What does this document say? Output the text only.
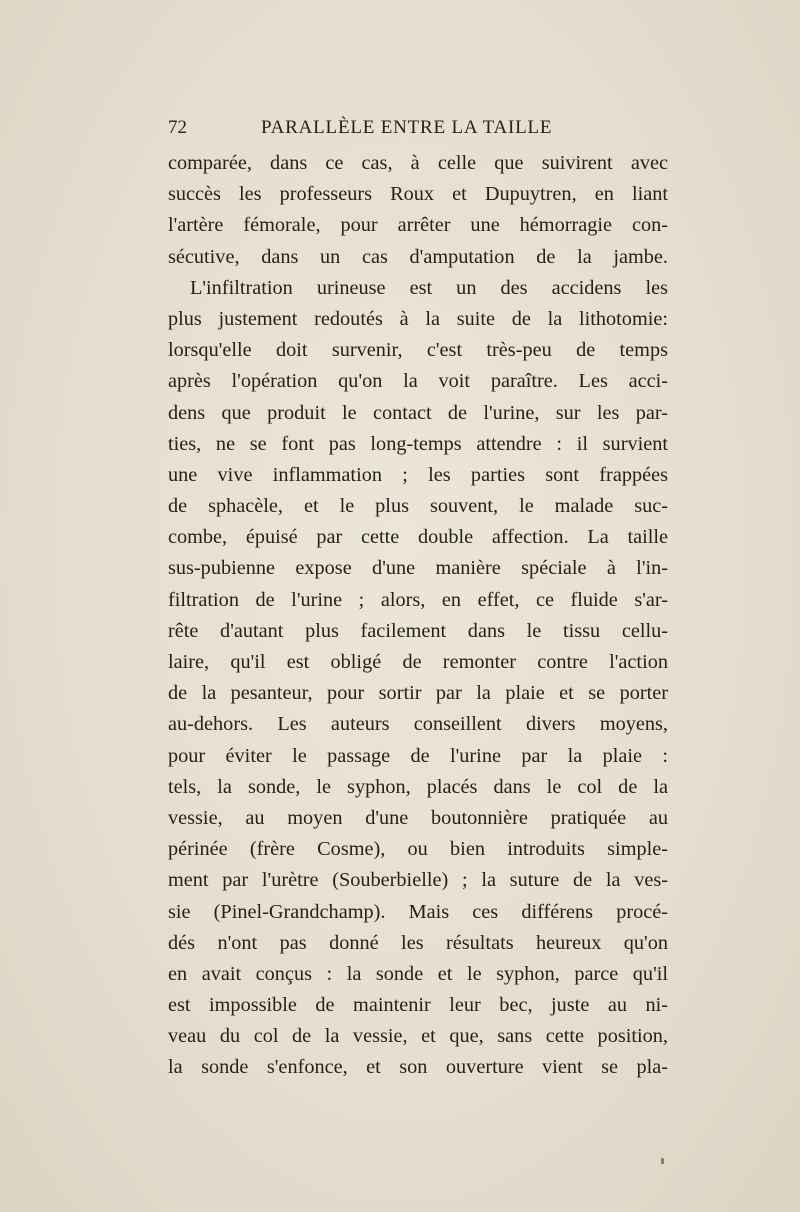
72	PARALLÈLE ENTRE LA TAILLE
comparée, dans ce cas, à celle que suivirent avec
succès les professeurs Roux et Dupuytren, en liant
l'artère fémorale, pour arrêter une hémorragie con-
sécutive, dans un cas d'amputation de la jambe.
L'infiltration urineuse est un des accidens les
plus justement redoutés à la suite de la lithotomie:
lorsqu'elle doit survenir, c'est très-peu de temps
après l'opération qu'on la voit paraître. Les acci-
dens que produit le contact de l'urine, sur les par-
ties, ne se font pas long-temps attendre : il survient
une vive inflammation ; les parties sont frappées
de sphacèle, et le plus souvent, le malade suc-
combe, épuisé par cette double affection. La taille
sus-pubienne expose d'une manière spéciale à l'in-
filtration de l'urine ; alors, en effet, ce fluide s'ar-
rête d'autant plus facilement dans le tissu cellu-
laire, qu'il est obligé de remonter contre l'action
de la pesanteur, pour sortir par la plaie et se porter
au-dehors. Les auteurs conseillent divers moyens,
pour éviter le passage de l'urine par la plaie :
tels, la sonde, le syphon, placés dans le col de la
vessie, au moyen d'une boutonnière pratiquée au
périnée (frère Cosme), ou bien introduits simple-
ment par l'urètre (Souberbielle) ; la suture de la ves-
sie (Pinel-Grandchamp). Mais ces différens procé-
dés n'ont pas donné les résultats heureux qu'on
en avait conçus : la sonde et le syphon, parce qu'il
est impossible de maintenir leur bec, juste au ni-
veau du col de la vessie, et que, sans cette position,
la sonde s'enfonce, et son ouverture vient se pla-
